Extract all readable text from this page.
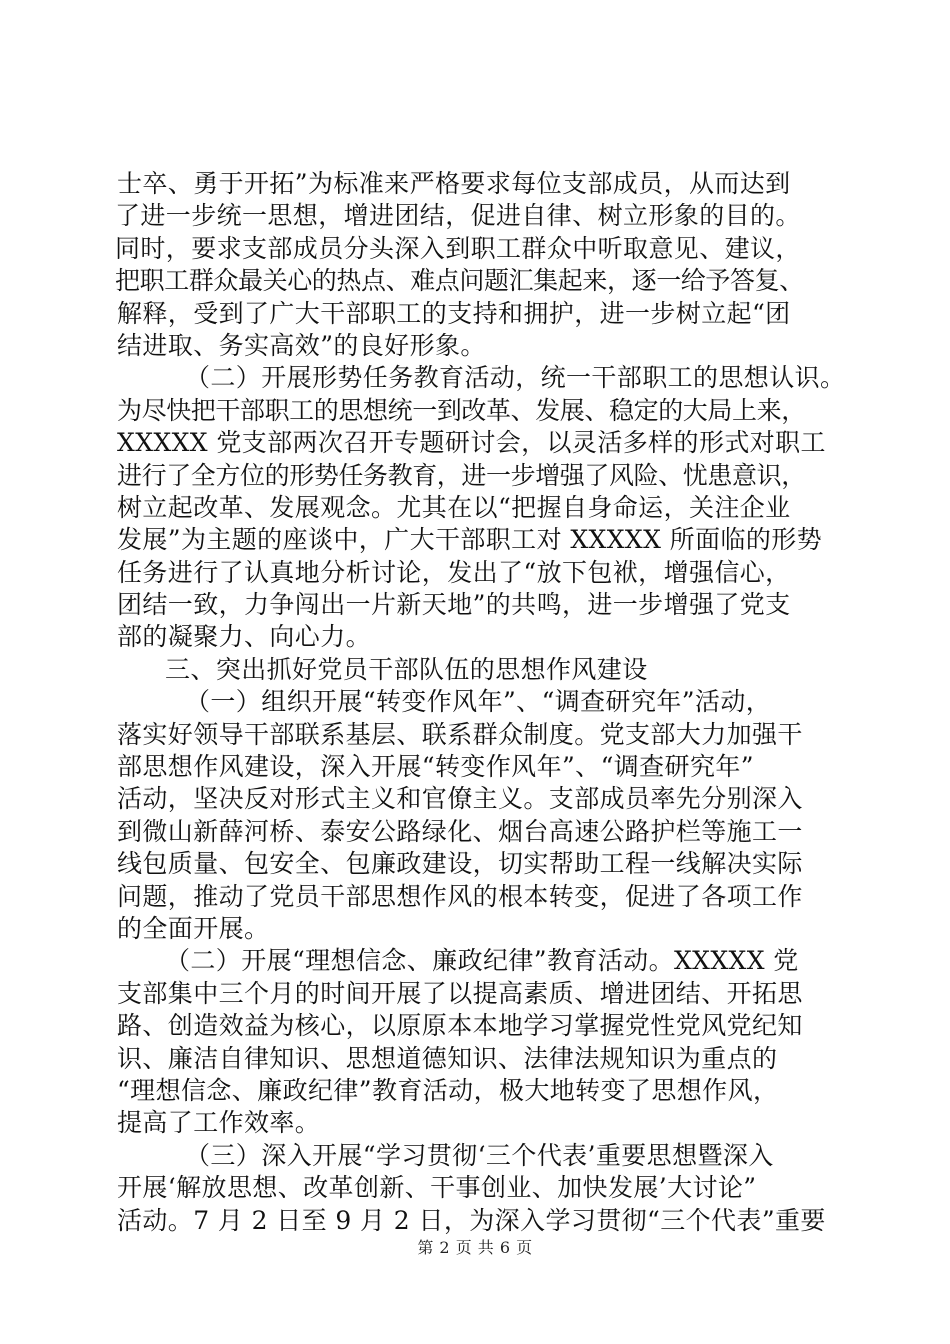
士卒、勇于开拓”为标准来严格要求每位支部成员，从而达到
了进一步统一思想，增进团结，促进自律、树立形象的目的。
同时，要求支部成员分头深入到职工群众中听取意见、建议，
把职工群众最关心的热点、难点问题汇集起来，逐一给予答复、
解释，受到了广大干部职工的支持和拥护，进一步树立起“团
结进取、务实高效”的良好形象。
（二）开展形势任务教育活动，统一干部职工的思想认识。
为尽快把干部职工的思想统一到改革、发展、稳定的大局上来，
XXXXX 党支部两次召开专题研讨会，以灵活多样的形式对职工
进行了全方位的形势任务教育，进一步增强了风险、忧患意识，
树立起改革、发展观念。尤其在以“把握自身命运，关注企业
发展”为主题的座谈中，广大干部职工对 XXXXX 所面临的形势
任务进行了认真地分析讨论，发出了“放下包袱，增强信心，
团结一致，力争闯出一片新天地”的共鸣，进一步增强了党支
部的凝聚力、向心力。
三、突出抓好党员干部队伍的思想作风建设
（一）组织开展“转变作风年”、“调查研究年”活动，
落实好领导干部联系基层、联系群众制度。党支部大力加强干
部思想作风建设，深入开展“转变作风年”、“调查研究年”
活动，坚决反对形式主义和官僚主义。支部成员率先分别深入
到微山新薛河桥、泰安公路绿化、烟台高速公路护栏等施工一
线包质量、包安全、包廉政建设，切实帮助工程一线解决实际
问题，推动了党员干部思想作风的根本转变，促进了各项工作
的全面开展。
（二）开展“理想信念、廉政纪律”教育活动。XXXXX 党
支部集中三个月的时间开展了以提高素质、增进团结、开拓思
路、创造效益为核心，以原原本本地学习掌握党性党风党纪知
识、廉洁自律知识、思想道德知识、法律法规知识为重点的
“理想信念、廉政纪律”教育活动，极大地转变了思想作风，
提高了工作效率。
（三）深入开展“学习贯彻‘三个代表’重要思想暨深入
开展‘解放思想、改革创新、干事创业、加快发展’大讨论”
活动。7 月 2 日至 9 月 2 日，为深入学习贯彻“三个代表”重要
第 2 页 共 6 页
